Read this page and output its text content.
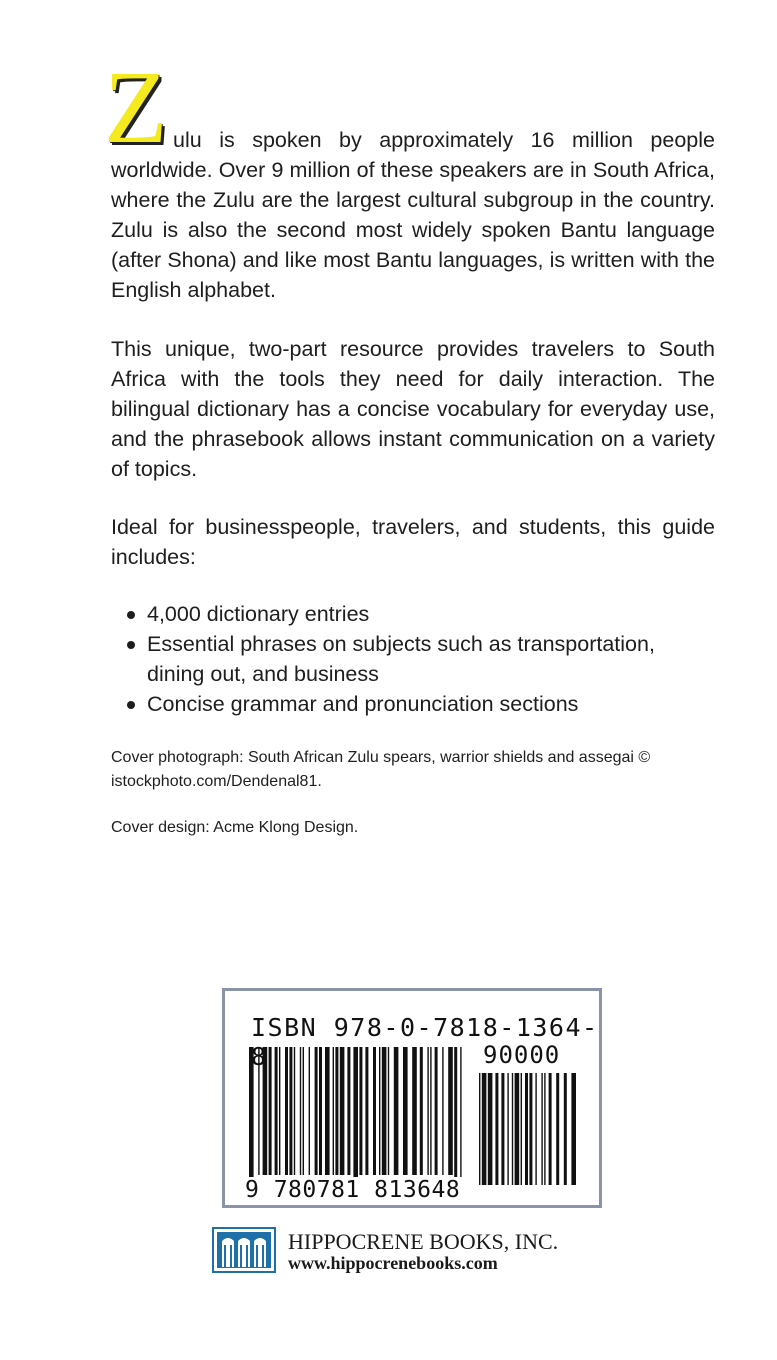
Z ulu is spoken by approximately 16 million people worldwide. Over 9 million of these speakers are in South Africa, where the Zulu are the largest cultural subgroup in the country. Zulu is also the second most widely spoken Bantu language (after Shona) and like most Bantu languages, is written with the English alphabet.

This unique, two-part resource provides travelers to South Africa with the tools they need for daily interaction. The bilingual dictionary has a concise vocabulary for everyday use, and the phrasebook allows instant communication on a variety of topics.

Ideal for businesspeople, travelers, and students, this guide includes:

4,000 dictionary entries
Essential phrases on subjects such as transportation, dining out, and business
Concise grammar and pronunciation sections

Cover photograph: South African Zulu spears, warrior shields and assegai © istockphoto.com/Dendenal81.

Cover design: Acme Klong Design.

ISBN 978-0-7818-1364-8	90000
9 780781 813648
HIPPOCRENE BOOKS, INC.
www.hippocrenebooks.com
